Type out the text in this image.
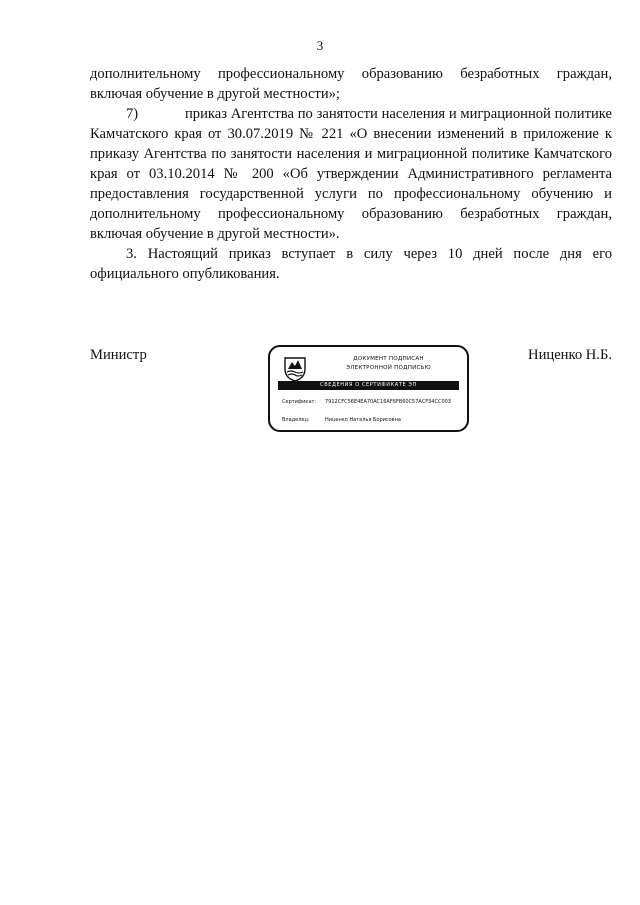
3

дополнительному профессиональному образованию безработных граждан, включая обучение в другой местности»;

7)	приказ Агентства по занятости населения и миграционной политике Камчатского края от 30.07.2019 № 221 «О внесении изменений в приложение к приказу Агентства по занятости населения и миграционной политике Камчатского края от 03.10.2014 № 200 «Об утверждении Административного регламента предоставления государственной услуги по профессиональному обучению и дополнительному профессиональному образованию безработных граждан, включая обучение в другой местности».

3. Настоящий приказ вступает в силу через 10 дней после дня его официального опубликования.

Министр	Ниценко Н.Б.
ДОКУМЕНТ ПОДПИСАН
ЭЛЕКТРОННОЙ ПОДПИСЬЮ
СВЕДЕНИЯ О СЕРТИФИКАТЕ ЭП
Сертификат: 7912CFC56E4EA70AC16AF6FB60C57ACF34CC003
Владелец:	Ниценко Наталья Борисовна
